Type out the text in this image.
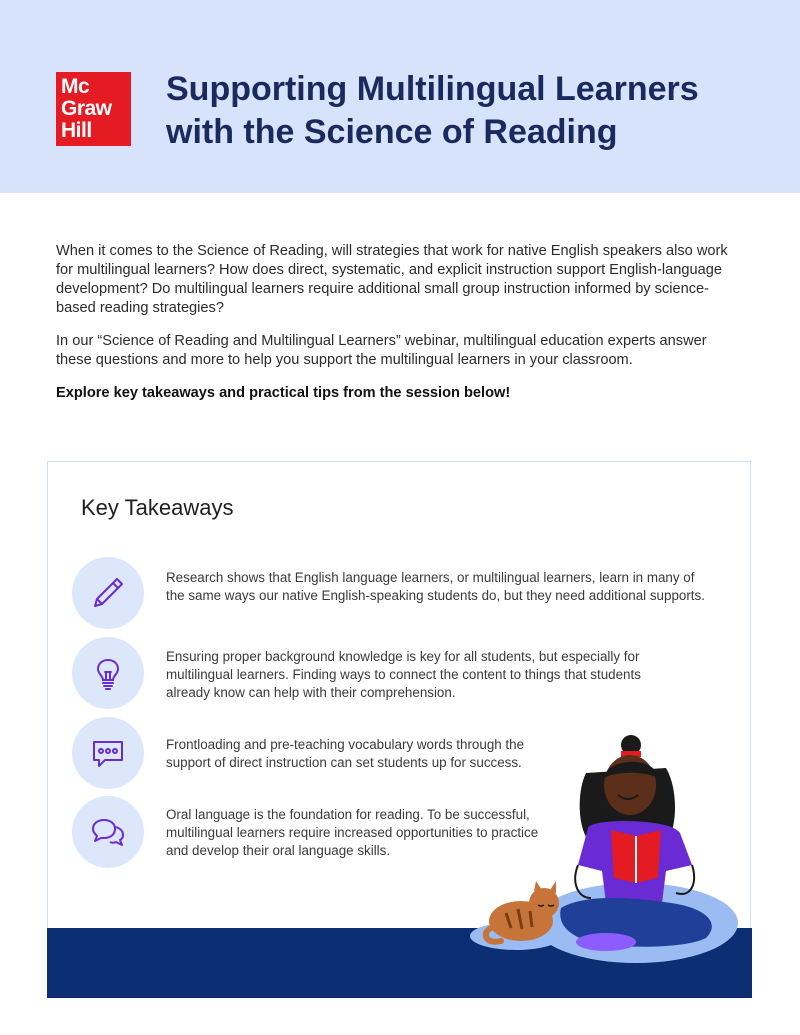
Mc
Graw
Hill
Supporting Multilingual Learners
with the Science of Reading

When it comes to the Science of Reading, will strategies that work for native English speakers also work for multilingual learners? How does direct, systematic, and explicit instruction support English-language development? Do multilingual learners require additional small group instruction informed by science-based reading strategies?

In our “Science of Reading and Multilingual Learners” webinar, multilingual education experts answer these questions and more to help you support the multilingual learners in your classroom.

Explore key takeaways and practical tips from the session below!

Key Takeaways
Research shows that English language learners, or multilingual learners, learn in many of the same ways our native English-speaking students do, but they need additional supports.
Ensuring proper background knowledge is key for all students, but especially for multilingual learners. Finding ways to connect the content to things that students already know can help with their comprehension.
Frontloading and pre-teaching vocabulary words through the support of direct instruction can set students up for success.
Oral language is the foundation for reading. To be successful, multilingual learners require increased opportunities to practice and develop their oral language skills.
